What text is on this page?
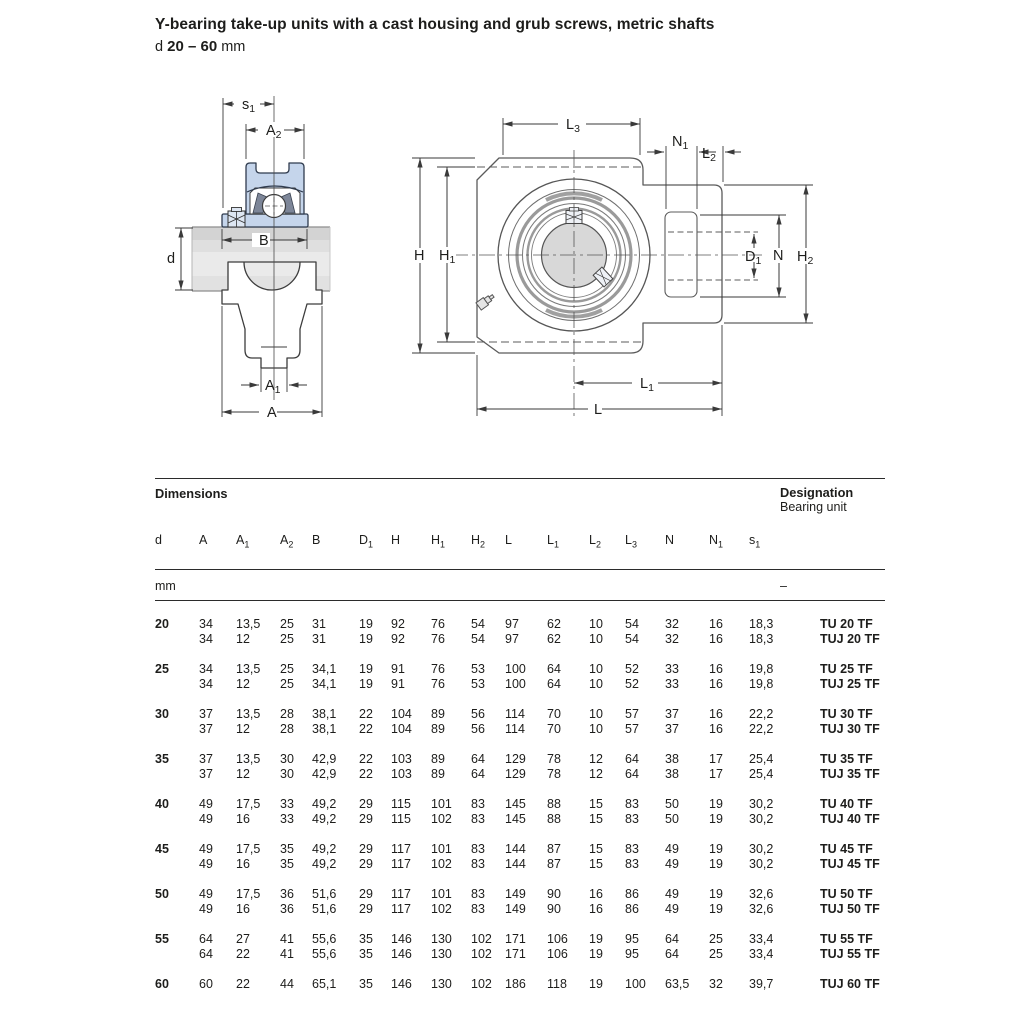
Y-bearing take-up units with a cast housing and grub screws, metric shafts
d 20 – 60 mm
$s_1$
$A_2$
B
d
$A_1$
A
$L_3$
$N_1$ $L_2$
H $H_1$	$D_1$ N $H_2$
$L_1$
L
Dimensions	Designation
Bearing unit
d	A	$A_1$	$A_2$	B	$D_1$	H	$H_1$	$H_2$	L	$L_1$	$L_2$	$L_3$	N	$N_1$	$s_1$	
mm	–
20	34	13,5	25	31	19	92	76	54	97	62	10	54	32	16	18,3	TU 20 TF
	34	12	25	31	19	92	76	54	97	62	10	54	32	16	18,3	TUJ 20 TF
25	34	13,5	25	34,1	19	91	76	53	100	64	10	52	33	16	19,8	TU 25 TF
	34	12	25	34,1	19	91	76	53	100	64	10	52	33	16	19,8	TUJ 25 TF
30	37	13,5	28	38,1	22	104	89	56	114	70	10	57	37	16	22,2	TU 30 TF
	37	12	28	38,1	22	104	89	56	114	70	10	57	37	16	22,2	TUJ 30 TF
35	37	13,5	30	42,9	22	103	89	64	129	78	12	64	38	17	25,4	TU 35 TF
	37	12	30	42,9	22	103	89	64	129	78	12	64	38	17	25,4	TUJ 35 TF
40	49	17,5	33	49,2	29	115	101	83	145	88	15	83	50	19	30,2	TU 40 TF
	49	16	33	49,2	29	115	102	83	145	88	15	83	50	19	30,2	TUJ 40 TF
45	49	17,5	35	49,2	29	117	101	83	144	87	15	83	49	19	30,2	TU 45 TF
	49	16	35	49,2	29	117	102	83	144	87	15	83	49	19	30,2	TUJ 45 TF
50	49	17,5	36	51,6	29	117	101	83	149	90	16	86	49	19	32,6	TU 50 TF
	49	16	36	51,6	29	117	102	83	149	90	16	86	49	19	32,6	TUJ 50 TF
55	64	27	41	55,6	35	146	130	102	171	106	19	95	64	25	33,4	TU 55 TF
	64	22	41	55,6	35	146	130	102	171	106	19	95	64	25	33,4	TUJ 55 TF
60	60	22	44	65,1	35	146	130	102	186	118	19	100	63,5	32	39,7	TUJ 60 TF
